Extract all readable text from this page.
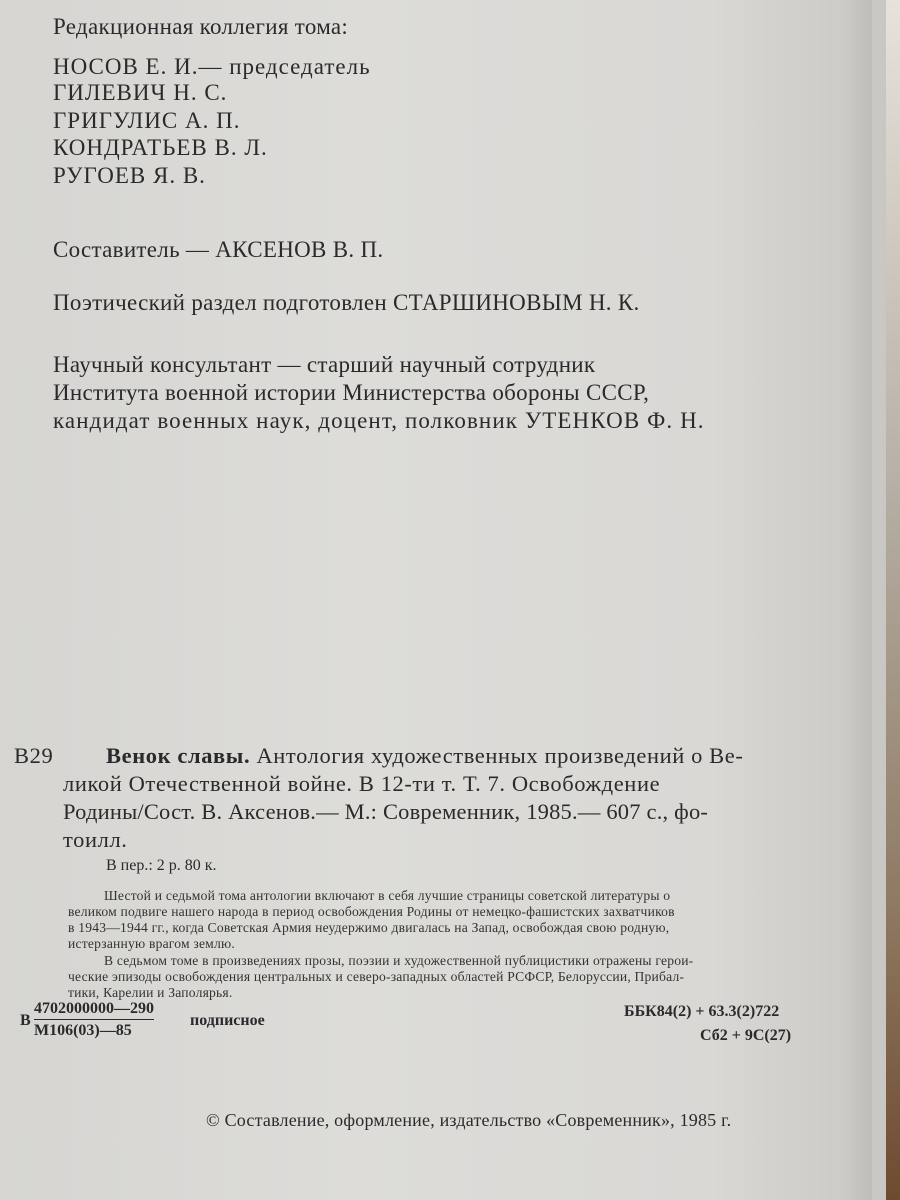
Редакционная коллегия тома:
НОСОВ Е. И.— председатель
ГИЛЕВИЧ Н. С.
ГРИГУЛИС А. П.
КОНДРАТЬЕВ В. Л.
РУГОЕВ Я. В.
Составитель — АКСЕНОВ В. П.
Поэтический раздел подготовлен СТАРШИНОВЫМ Н. К.
Научный консультант — старший научный сотрудник
Института военной истории Министерства обороны СССР,
кандидат военных наук, доцент, полковник УТЕНКОВ Ф. Н.
В29 Венок славы. Антология художественных произведений о Ве-
ликой Отечественной войне. В 12-ти т. Т. 7. Освобождение
Родины/Сост. В. Аксенов.— М.: Современник, 1985.— 607 с., фо-
тоилл.
В пер.: 2 р. 80 к.
Шестой и седьмой тома антологии включают в себя лучшие страницы советской литературы о
великом подвиге нашего народа в период освобождения Родины от немецко-фашистских захватчиков
в 1943—1944 гг., когда Советская Армия неудержимо двигалась на Запад, освобождая свою родную,
истерзанную врагом землю.
В седьмом томе в произведениях прозы, поэзии и художественной публицистики отражены герои-
ческие эпизоды освобождения центральных и северо-западных областей РСФСР, Белоруссии, Прибал-
тики, Карелии и Заполярья.
В
4702000000—290
М106(03)—85
подписное
ББК84(2) + 63.3(2)722
Сб2 + 9С(27)
© Составление, оформление, издательство «Современник», 1985 г.
